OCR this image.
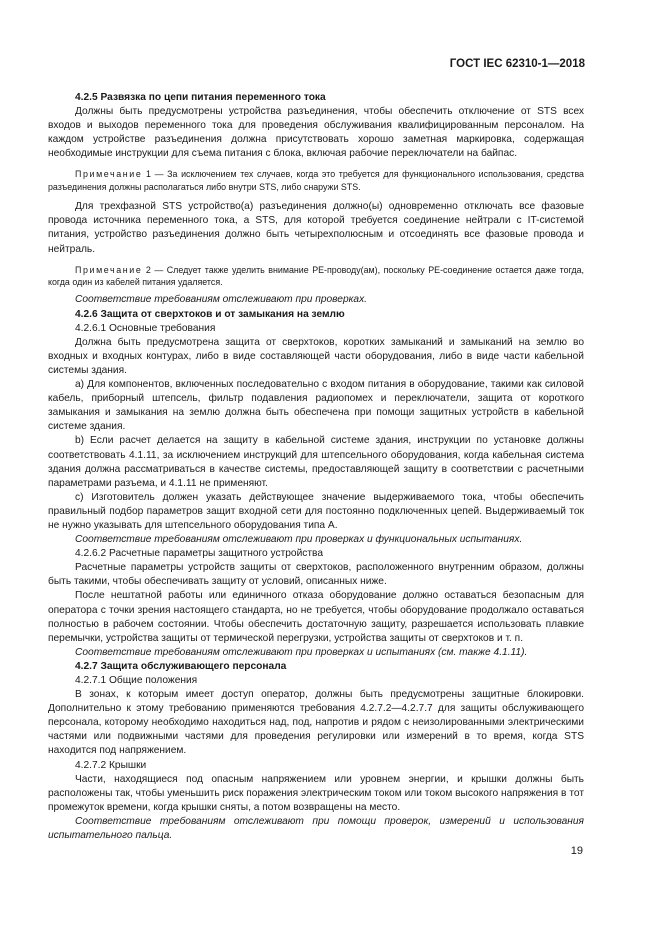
ГОСТ IEC 62310-1—2018

4.2.5 Развязка по цепи питания переменного тока

Должны быть предусмотрены устройства разъединения, чтобы обеспечить отключение от STS всех входов и выходов переменного тока для проведения обслуживания квалифицированным персоналом. На каждом устройстве разъединения должна присутствовать хорошо заметная маркировка, содержащая необходимые инструкции для съема питания с блока, включая рабочие переключатели на байпас.

Примечание 1 — За исключением тех случаев, когда это требуется для функционального использования, средства разъединения должны располагаться либо внутри STS, либо снаружи STS.

Для трехфазной STS устройство(а) разъединения должно(ы) одновременно отключать все фазовые провода источника переменного тока, а STS, для которой требуется соединение нейтрали с IT-системой питания, устройство разъединения должно быть четырехполюсным и отсоединять все фазовые провода и нейтраль.

Примечание 2 — Следует также уделить внимание PE-проводу(ам), поскольку PE-соединение остается даже тогда, когда один из кабелей питания удаляется.

Соответствие требованиям отслеживают при проверках.

4.2.6 Защита от сверхтоков и от замыкания на землю

4.2.6.1 Основные требования

Должна быть предусмотрена защита от сверхтоков, коротких замыканий и замыканий на землю во входных и входных контурах, либо в виде составляющей части оборудования, либо в виде части кабельной системы здания.

а) Для компонентов, включенных последовательно с входом питания в оборудование, такими как силовой кабель, приборный штепсель, фильтр подавления радиопомех и переключатели, защита от короткого замыкания и замыкания на землю должна быть обеспечена при помощи защитных устройств в кабельной системе здания.

b) Если расчет делается на защиту в кабельной системе здания, инструкции по установке должны соответствовать 4.1.11, за исключением инструкций для штепсельного оборудования, когда кабельная система здания должна рассматриваться в качестве системы, предоставляющей защиту в соответствии с расчетными параметрами разъема, и 4.1.11 не применяют.

с) Изготовитель должен указать действующее значение выдерживаемого тока, чтобы обеспечить правильный подбор параметров защит входной сети для постоянно подключенных цепей. Выдерживаемый ток не нужно указывать для штепсельного оборудования типа А.

Соответствие требованиям отслеживают при проверках и функциональных испытаниях.

4.2.6.2 Расчетные параметры защитного устройства

Расчетные параметры устройств защиты от сверхтоков, расположенного внутренним образом, должны быть такими, чтобы обеспечивать защиту от условий, описанных ниже.

После нештатной работы или единичного отказа оборудование должно оставаться безопасным для оператора с точки зрения настоящего стандарта, но не требуется, чтобы оборудование продолжало оставаться полностью в рабочем состоянии. Чтобы обеспечить достаточную защиту, разрешается использовать плавкие перемычки, устройства защиты от термической перегрузки, устройства защиты от сверхтоков и т. п.

Соответствие требованиям отслеживают при проверках и испытаниях (см. также 4.1.11).

4.2.7 Защита обслуживающего персонала

4.2.7.1 Общие положения

В зонах, к которым имеет доступ оператор, должны быть предусмотрены защитные блокировки. Дополнительно к этому требованию применяются требования 4.2.7.2—4.2.7.7 для защиты обслуживающего персонала, которому необходимо находиться над, под, напротив и рядом с неизолированными электрическими частями или подвижными частями для проведения регулировки или измерений в то время, когда STS находится под напряжением.

4.2.7.2 Крышки

Части, находящиеся под опасным напряжением или уровнем энергии, и крышки должны быть расположены так, чтобы уменьшить риск поражения электрическим током или током высокого напряжения в тот промежуток времени, когда крышки сняты, а потом возвращены на место.

Соответствие требованиям отслеживают при помощи проверок, измерений и использования испытательного пальца.

19
